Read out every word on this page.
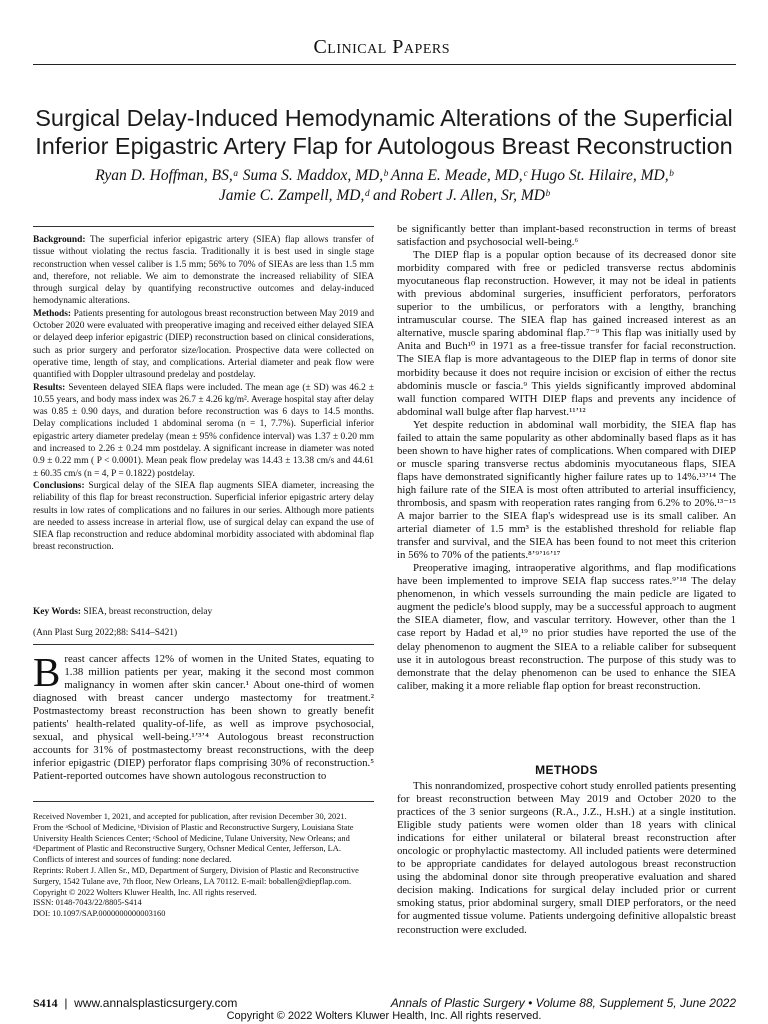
Clinical Papers
Surgical Delay-Induced Hemodynamic Alterations of the Superficial
Inferior Epigastric Artery Flap for Autologous Breast Reconstruction
Ryan D. Hoffman, BS,ᵃ Suma S. Maddox, MD,ᵇ Anna E. Meade, MD,ᶜ Hugo St. Hilaire, MD,ᵇ
Jamie C. Zampell, MD,ᵈ and Robert J. Allen, Sr, MDᵇ

Background: The superficial inferior epigastric artery (SIEA) flap allows transfer of tissue without violating the rectus fascia. Traditionally it is best used in single stage reconstruction when vessel caliber is 1.5 mm; 56% to 70% of SIEAs are less than 1.5 mm and, therefore, not reliable. We aim to demonstrate the increased reliability of SIEA through surgical delay by quantifying reconstructive outcomes and delay-induced hemodynamic alterations.

Methods: Patients presenting for autologous breast reconstruction between May 2019 and October 2020 were evaluated with preoperative imaging and received either delayed SIEA or delayed deep inferior epigastric (DIEP) reconstruction based on clinical considerations, such as prior surgery and perforator size/location. Prospective data were collected on operative time, length of stay, and complications. Arterial diameter and peak flow were quantified with Doppler ultrasound predelay and postdelay.

Results: Seventeen delayed SIEA flaps were included. The mean age (± SD) was 46.2 ± 10.55 years, and body mass index was 26.7 ± 4.26 kg/m². Average hospital stay after delay was 0.85 ± 0.90 days, and duration before reconstruction was 6 days to 14.5 months. Delay complications included 1 abdominal seroma (n = 1, 7.7%). Superficial inferior epigastric artery diameter predelay (mean ± 95% confidence interval) was 1.37 ± 0.20 mm and increased to 2.26 ± 0.24 mm postdelay. A significant increase in diameter was noted 0.9 ± 0.22 mm ( P < 0.0001). Mean peak flow predelay was 14.43 ± 13.38 cm/s and 44.61 ± 60.35 cm/s (n = 4, P = 0.1822) postdelay.

Conclusions: Surgical delay of the SIEA flap augments SIEA diameter, increasing the reliability of this flap for breast reconstruction. Superficial inferior epigastric artery delay results in low rates of complications and no failures in our series. Although more patients are needed to assess increase in arterial flow, use of surgical delay can expand the use of SIEA flap reconstruction and reduce abdominal morbidity associated with abdominal flap breast reconstruction.

Key Words: SIEA, breast reconstruction, delay
(Ann Plast Surg 2022;88: S414–S421)
Breast cancer affects 12% of women in the United States, equating to 1.38 million patients per year, making it the second most common malignancy in women after skin cancer.¹ About one-third of women diagnosed with breast cancer undergo mastectomy for treatment.² Postmastectomy breast reconstruction has been shown to greatly benefit patients' health-related quality-of-life, as well as improve psychosocial, sexual, and physical well-being.¹ʼ³ʼ⁴ Autologous breast reconstruction accounts for 31% of postmastectomy breast reconstructions, with the deep inferior epigastric (DIEP) perforator flaps comprising 30% of reconstruction.⁵ Patient-reported outcomes have shown autologous reconstruction to

Received November 1, 2021, and accepted for publication, after revision December 30, 2021.

From the ᵃSchool of Medicine, ᵇDivision of Plastic and Reconstructive Surgery, Louisiana State University Health Sciences Center; ᶜSchool of Medicine, Tulane University, New Orleans; and ᵈDepartment of Plastic and Reconstructive Surgery, Ochsner Medical Center, Jefferson, LA.

Conflicts of interest and sources of funding: none declared.

Reprints: Robert J. Allen Sr., MD, Department of Surgery, Division of Plastic and Reconstructive Surgery, 1542 Tulane ave, 7th floor, New Orleans, LA 70112. E-mail: boballen@diepflap.com.

Copyright © 2022 Wolters Kluwer Health, Inc. All rights reserved.

ISSN: 0148-7043/22/8805-S414

DOI: 10.1097/SAP.0000000000003160

be significantly better than implant-based reconstruction in terms of breast satisfaction and psychosocial well-being.⁶

The DIEP flap is a popular option because of its decreased donor site morbidity compared with free or pedicled transverse rectus abdominis myocutaneous flap reconstruction. However, it may not be ideal in patients with previous abdominal surgeries, insufficient perforators, perforators superior to the umbilicus, or perforators with a lengthy, branching intramuscular course. The SIEA flap has gained increased interest as an alternative, muscle sparing abdominal flap.⁷⁻⁹ This flap was initially used by Anita and Buch¹⁰ in 1971 as a free-tissue transfer for facial reconstruction. The SIEA flap is more advantageous to the DIEP flap in terms of donor site morbidity because it does not require incision or excision of either the rectus abdominis muscle or fascia.⁹ This yields significantly improved abdominal wall function compared WITH DIEP flaps and prevents any incidence of abdominal wall bulge after flap harvest.¹¹ʼ¹²

Yet despite reduction in abdominal wall morbidity, the SIEA flap has failed to attain the same popularity as other abdominally based flaps as it has been shown to have higher rates of complications. When compared with DIEP or muscle sparing transverse rectus abdominis myocutaneous flaps, SIEA flaps have demonstrated significantly higher failure rates up to 14%.¹³ʼ¹⁴ The high failure rate of the SIEA is most often attributed to arterial insufficiency, thrombosis, and spasm with reoperation rates ranging from 6.2% to 20%.¹³⁻¹⁵ A major barrier to the SIEA flap's widespread use is its small caliber. An arterial diameter of 1.5 mm³ is the established threshold for reliable flap transfer and survival, and the SIEA has been found to not meet this criterion in 56% to 70% of the patients.⁸ʼ⁹ʼ¹⁶ʼ¹⁷

Preoperative imaging, intraoperative algorithms, and flap modifications have been implemented to improve SEIA flap success rates.⁹ʼ¹⁸ The delay phenomenon, in which vessels surrounding the main pedicle are ligated to augment the pedicle's blood supply, may be a successful approach to augment the SIEA diameter, flow, and vascular territory. However, other than the 1 case report by Hadad et al,¹⁹ no prior studies have reported the use of the delay phenomenon to augment the SIEA to a reliable caliber for subsequent use it in autologous breast reconstruction. The purpose of this study was to demonstrate that the delay phenomenon can be used to enhance the SIEA caliber, making it a more reliable flap option for breast reconstruction.

METHODS

This nonrandomized, prospective cohort study enrolled patients presenting for breast reconstruction between May 2019 and October 2020 to the practices of the 3 senior surgeons (R.A., J.Z., H.sH.) at a single institution. Eligible study patients were women older than 18 years with clinical indications for either unilateral or bilateral breast reconstruction after oncologic or prophylactic mastectomy. All included patients were determined to be appropriate candidates for delayed autologous breast reconstruction using the abdominal donor site through preoperative evaluation and shared decision making. Indications for surgical delay included prior or current smoking status, prior abdominal surgery, small DIEP perforators, or the need for augmented tissue volume. Patients undergoing definitive allopalstic breast reconstruction were excluded.

S414  |  www.annalsplasticsurgery.com	Annals of Plastic Surgery • Volume 88, Supplement 5, June 2022
Copyright © 2022 Wolters Kluwer Health, Inc. All rights reserved.
